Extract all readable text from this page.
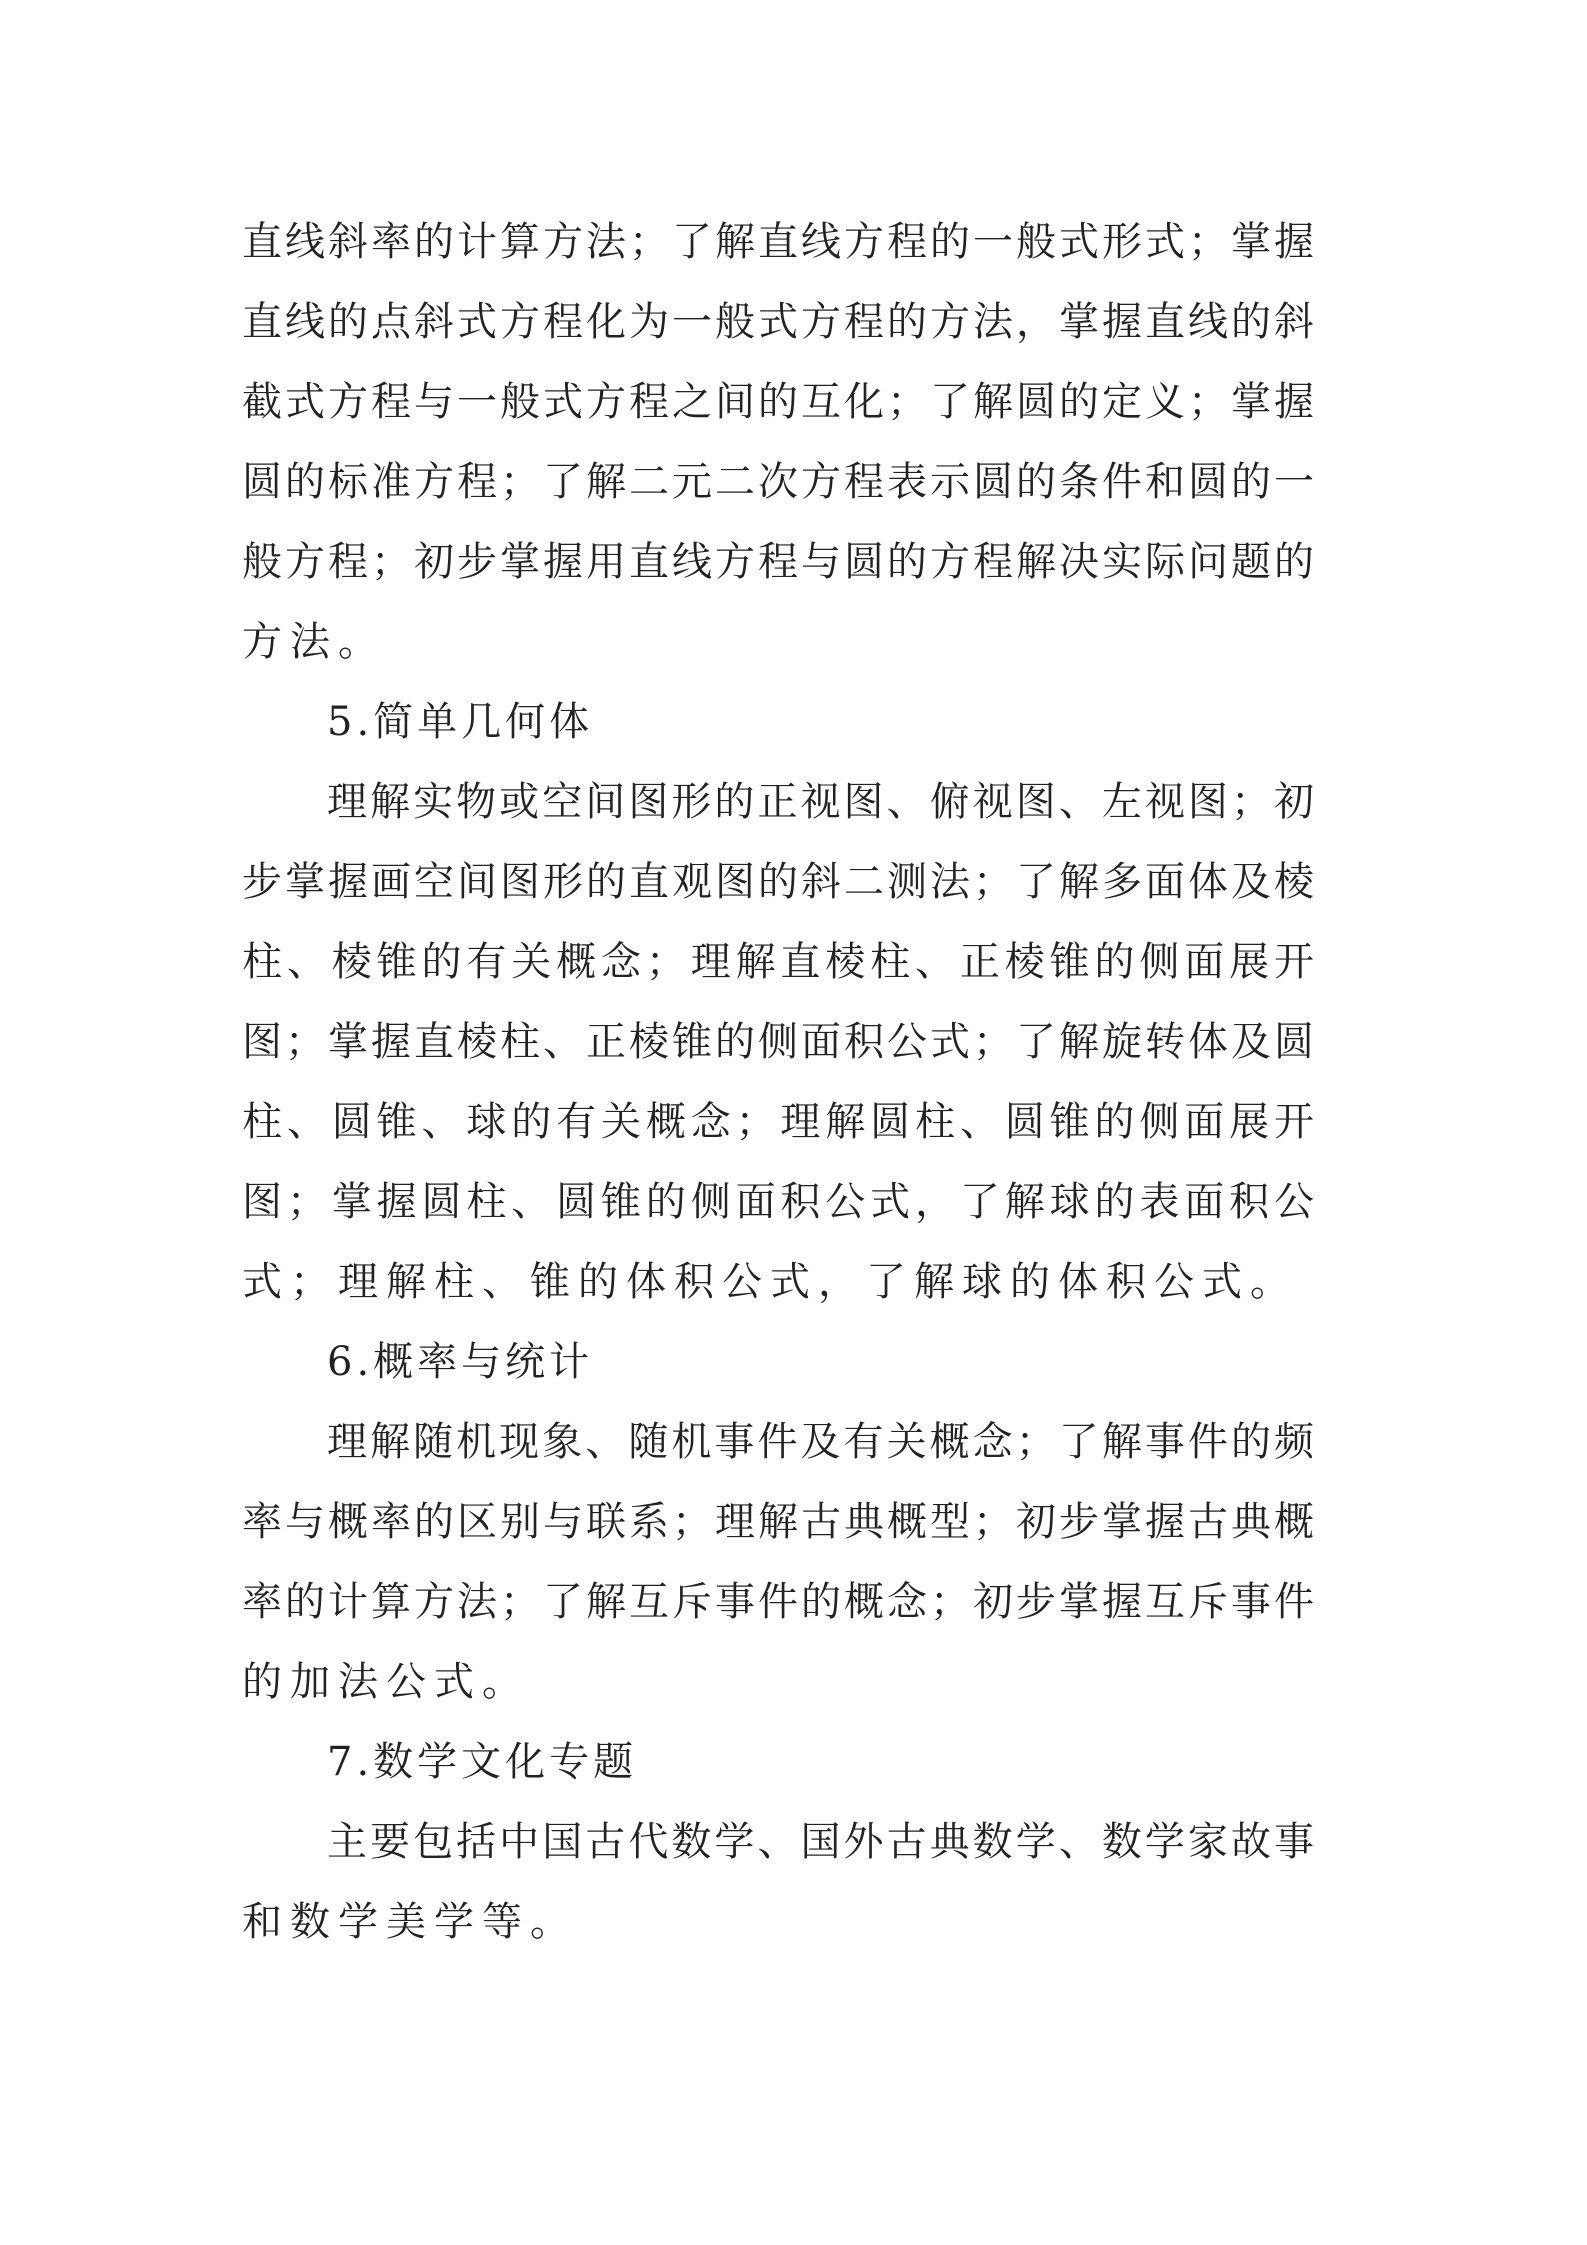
直线斜率的计算方法；了解直线方程的一般式形式；掌握
直线的点斜式方程化为一般式方程的方法，掌握直线的斜
截式方程与一般式方程之间的互化；了解圆的定义；掌握
圆的标准方程；了解二元二次方程表示圆的条件和圆的一
般方程；初步掌握用直线方程与圆的方程解决实际问题的
方法。
5.简单几何体
理解实物或空间图形的正视图、俯视图、左视图；初
步掌握画空间图形的直观图的斜二测法；了解多面体及棱
柱、棱锥的有关概念；理解直棱柱、正棱锥的侧面展开
图；掌握直棱柱、正棱锥的侧面积公式；了解旋转体及圆
柱、圆锥、球的有关概念；理解圆柱、圆锥的侧面展开
图；掌握圆柱、圆锥的侧面积公式，了解球的表面积公
式；理解柱、锥的体积公式，了解球的体积公式。
6.概率与统计
理解随机现象、随机事件及有关概念；了解事件的频
率与概率的区别与联系；理解古典概型；初步掌握古典概
率的计算方法；了解互斥事件的概念；初步掌握互斥事件
的加法公式。
7.数学文化专题
主要包括中国古代数学、国外古典数学、数学家故事
和数学美学等。
